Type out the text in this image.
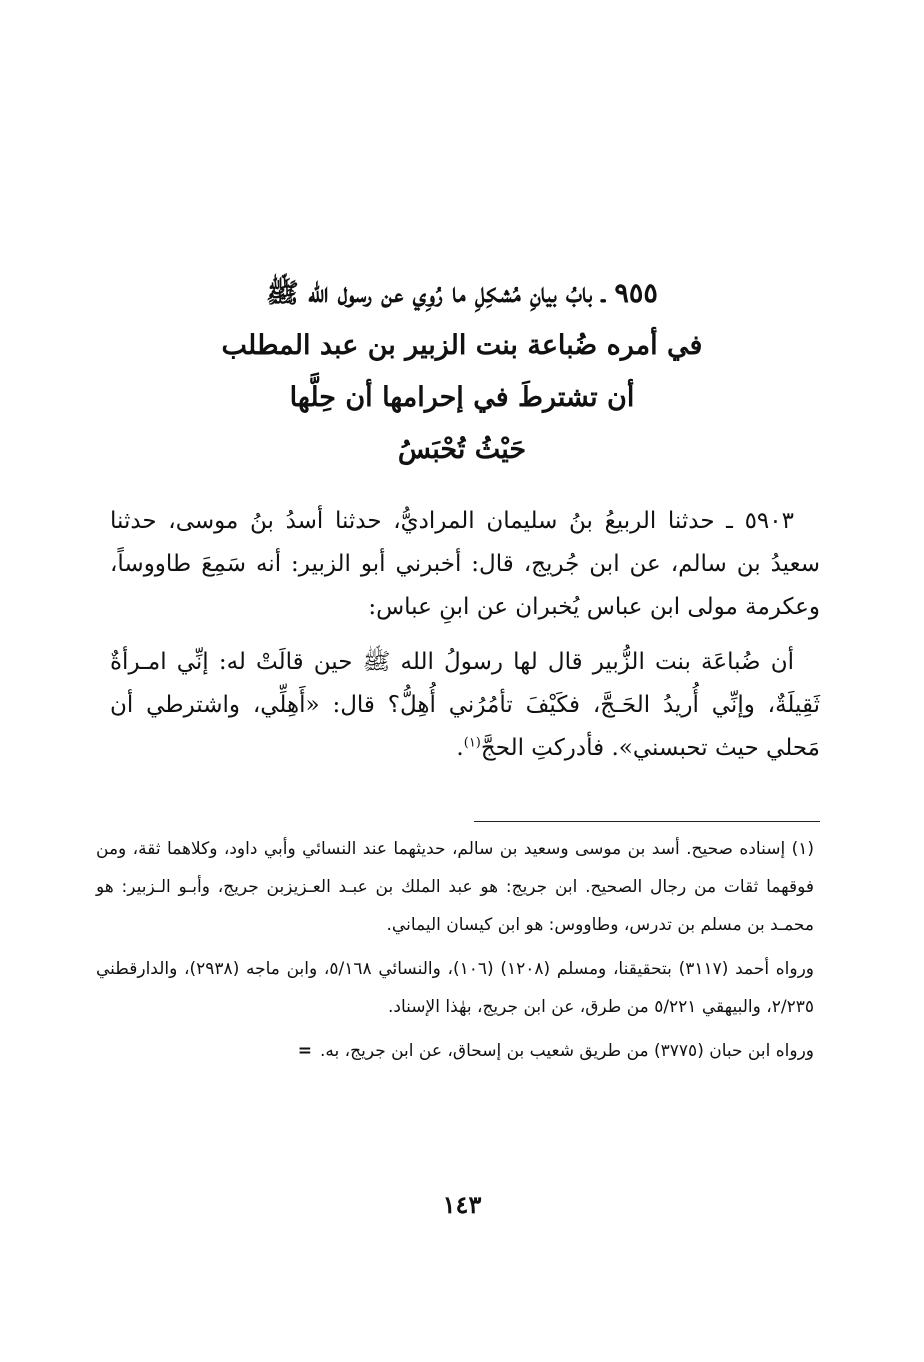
٩٥٥ ـ بابُ بيانِ مُشكِلِ ما رُوِي عن رسول الله ﷺ
في أمره ضُباعة بنت الزبير بن عبد المطلب
أن تشترطَ في إحرامها أن حِلَّها
حَيْثُ تُحْبَسُ

٥٩٠٣ ـ حدثنا الربيعُ بنُ سليمان المراديُّ، حدثنا أسدُ بنُ موسى، حدثنا سعيدُ بن سالم، عن ابن جُريج، قال: أخبرني أبو الزبير: أنه سَمِعَ طاووساً، وعكرمة مولى ابن عباس يُخبران عن ابنِ عباس:

أن ضُباعَة بنت الزُّبير قال لها رسولُ الله ﷺ حين قالَتْ له: إنِّي امـرأةٌ ثَقِيلَةٌ، وإنِّي أُريدُ الحَـجَّ، فكَيْفَ تأمُرُني أُهِلُّ؟ قال: «أَهِلِّي، واشترطي أن مَحلي حيث تحبسني». فأدركتِ الحجَّ$^{(١)}$.

(١) إسناده صحيح. أسد بن موسى وسعيد بن سالم، حديثهما عند النسائي وأبي داود، وكلاهما ثقة، ومن فوقهما ثقات من رجال الصحيح. ابن جريج: هو عبد الملك بن عبـد العـزيزبن جريج، وأبـو الـزبير: هو محمـد بن مسلم بن تدرس، وطاووس: هو ابن كيسان اليماني.

ورواه أحمد (٣١١٧) بتحقيقنا، ومسلم (١٢٠٨) (١٠٦)، والنسائي ٥/١٦٨، وابن ماجه (٢٩٣٨)، والدارقطني ٢/٢٣٥، والبيهقي ٥/٢٢١ من طرق، عن ابن جريج، بهٰذا الإسناد.

ورواه ابن حبان (٣٧٧٥) من طريق شعيب بن إسحاق، عن ابن جريج، به.=

١٤٣
